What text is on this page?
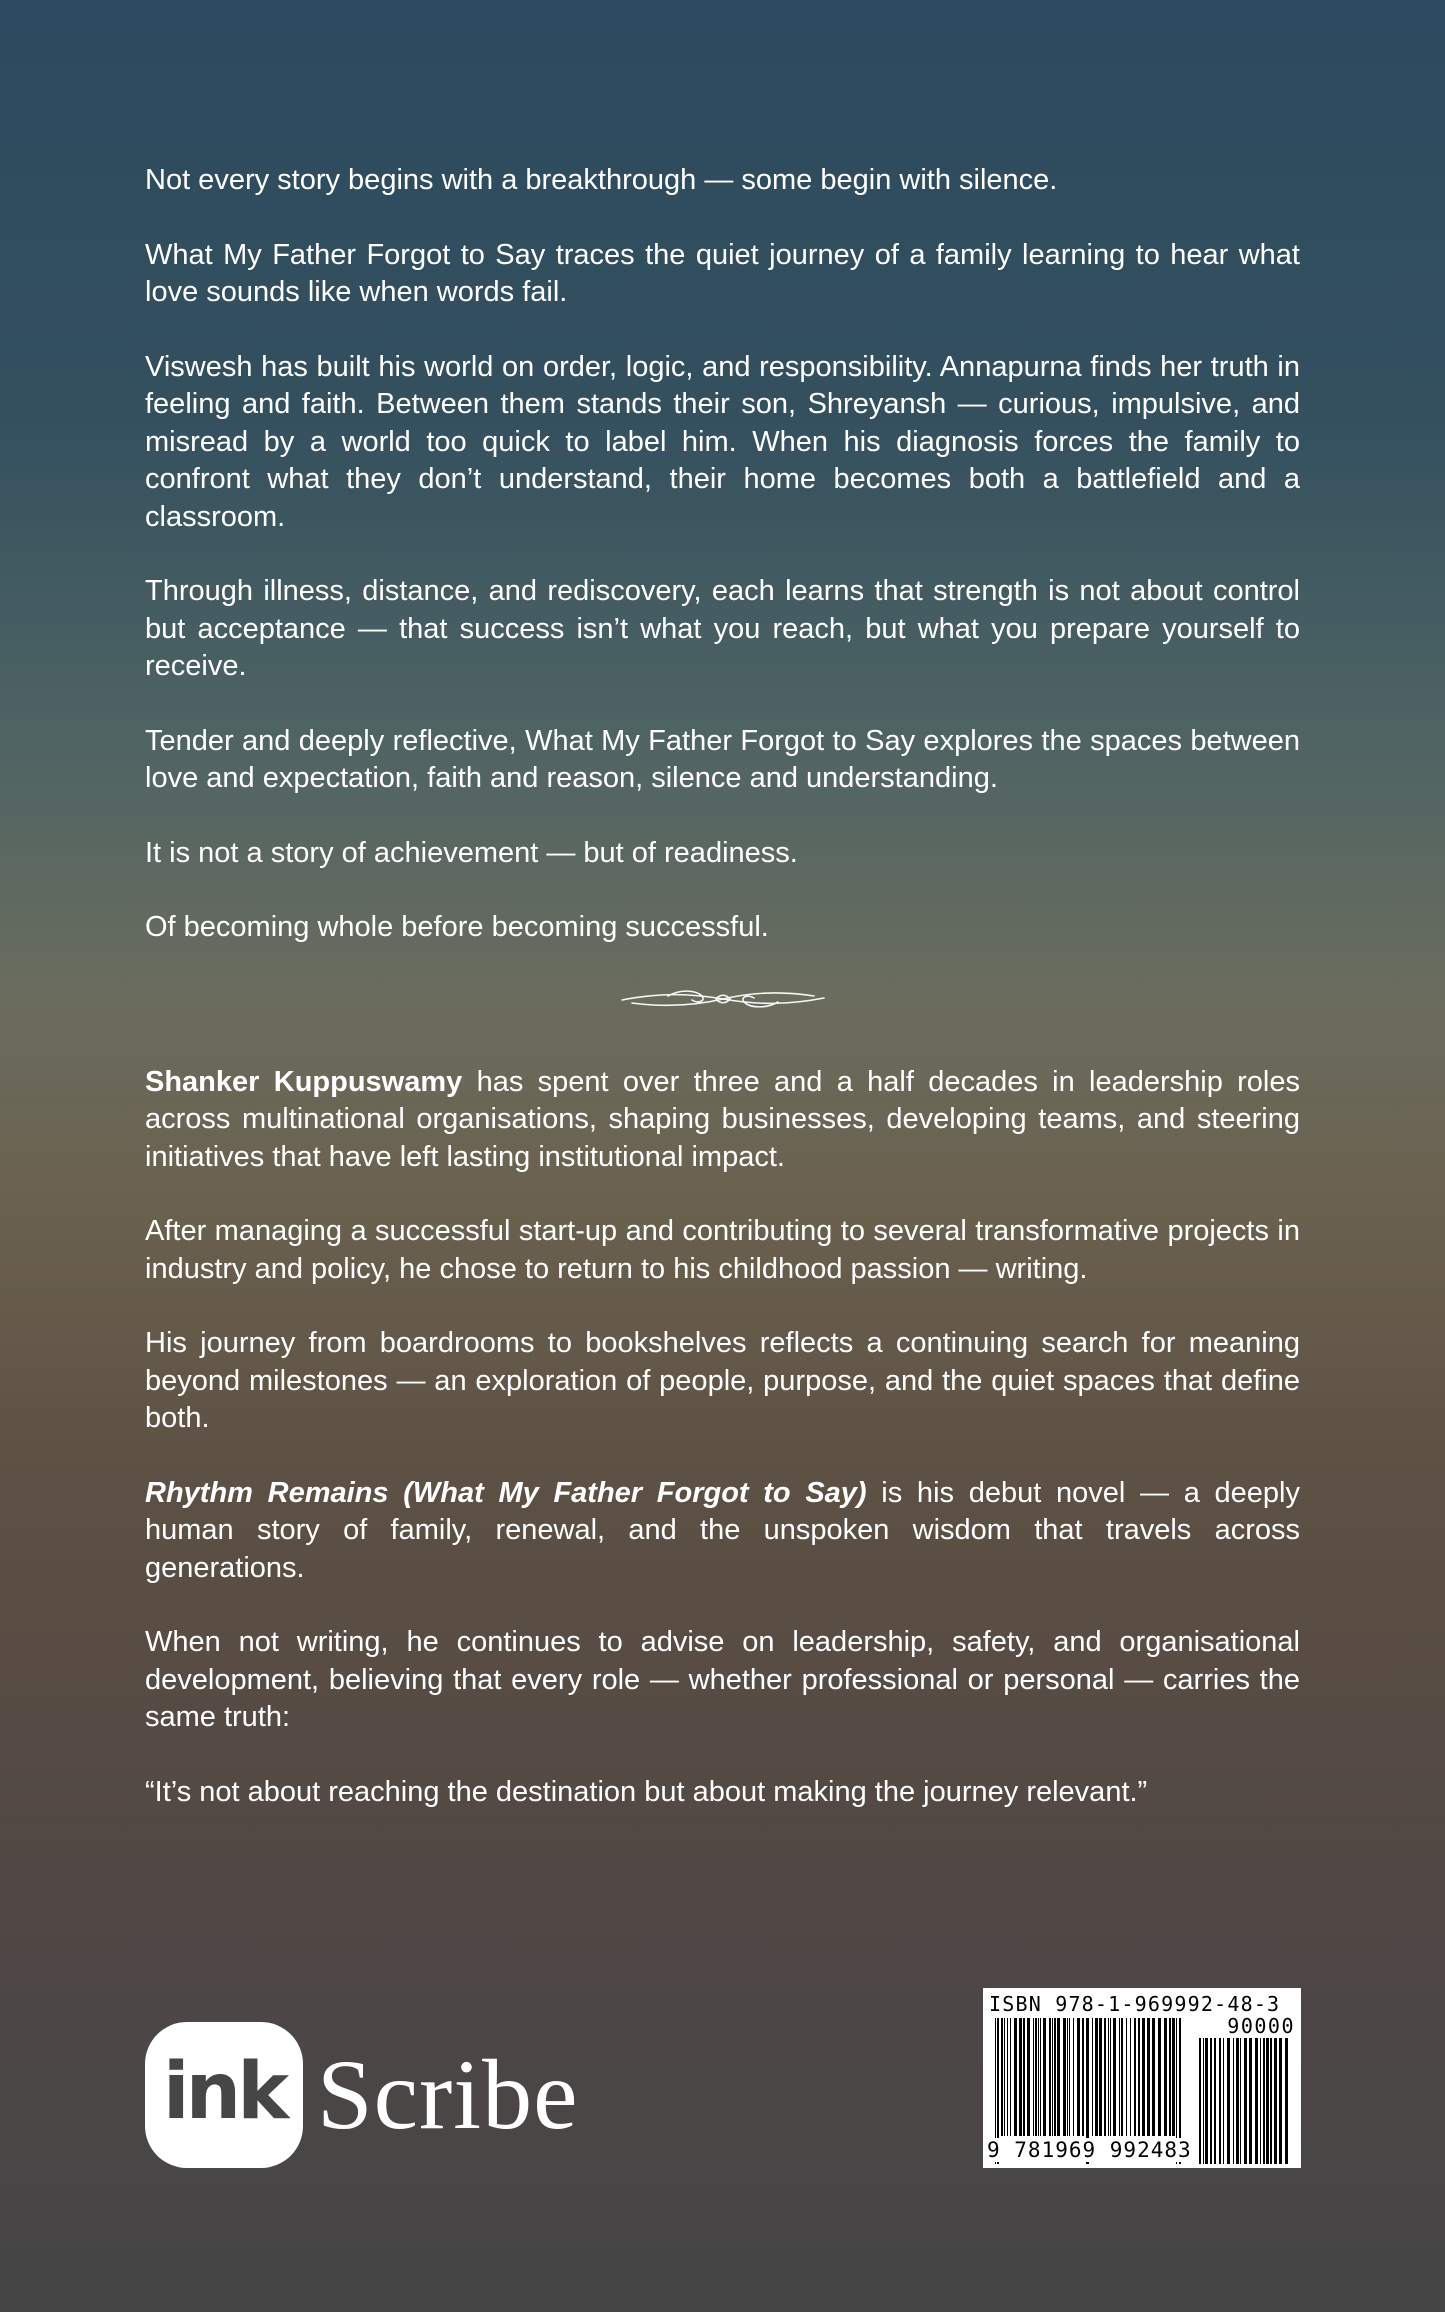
Not every story begins with a breakthrough — some begin with silence.

What My Father Forgot to Say traces the quiet journey of a family learning to hear what love sounds like when words fail.

Viswesh has built his world on order, logic, and responsibility. Annapurna finds her truth in feeling and faith. Between them stands their son, Shreyansh — curious, impulsive, and misread by a world too quick to label him. When his diagnosis forces the family to confront what they don’t understand, their home becomes both a battlefield and a classroom.

Through illness, distance, and rediscovery, each learns that strength is not about control but acceptance — that success isn’t what you reach, but what you prepare yourself to receive.

Tender and deeply reflective, What My Father Forgot to Say explores the spaces between love and expectation, faith and reason, silence and understanding.

It is not a story of achievement — but of readiness.

Of becoming whole before becoming successful.

Shanker Kuppuswamy has spent over three and a half decades in leadership roles across multinational organisations, shaping businesses, developing teams, and steering initiatives that have left lasting institutional impact.

After managing a successful start-up and contributing to several transformative projects in industry and policy, he chose to return to his childhood passion — writing.

His journey from boardrooms to bookshelves reflects a continuing search for meaning beyond milestones — an exploration of people, purpose, and the quiet spaces that define both.

Rhythm Remains (What My Father Forgot to Say) is his debut novel — a deeply human story of family, renewal, and the unspoken wisdom that travels across generations.

When not writing, he continues to advise on leadership, safety, and organisational development, believing that every role — whether professional or personal — carries the same truth:

“It’s not about reaching the destination but about making the journey relevant.”

ink Scribe
ISBN 978-1-969992-48-3
90000
9 781969 992483
